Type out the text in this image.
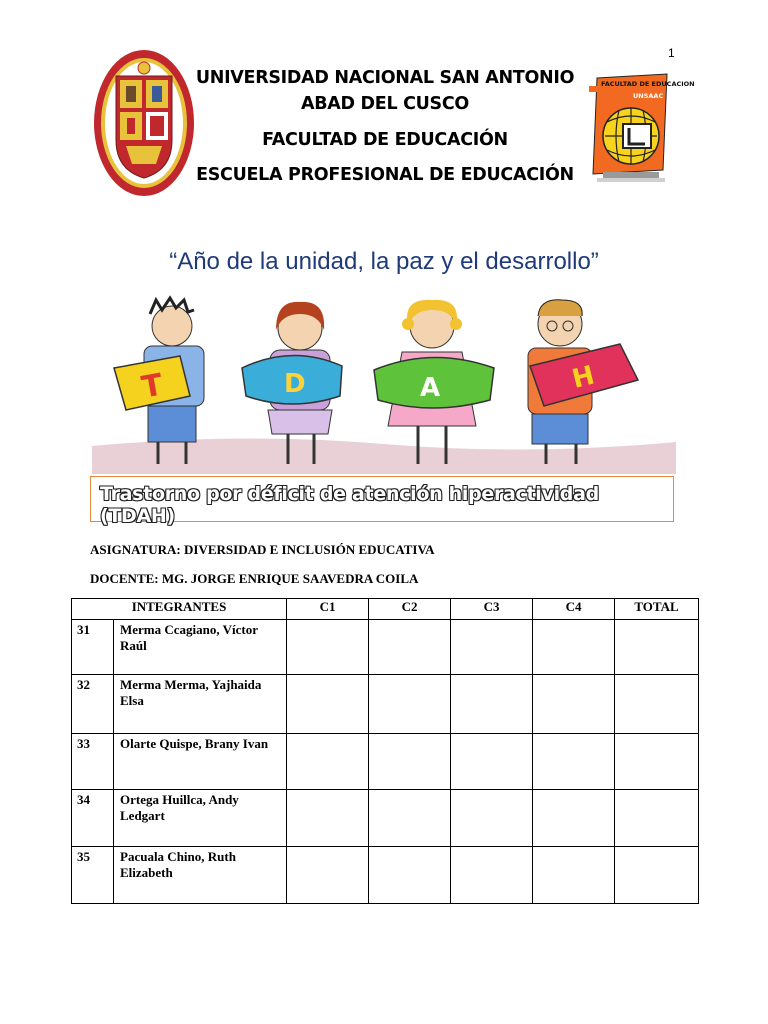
1
FACULTAD DE EDUCACION
UNSAAC
UNIVERSIDAD NACIONAL SAN ANTONIO
ABAD DEL CUSCO
FACULTAD DE EDUCACIÓN
ESCUELA PROFESIONAL DE EDUCACIÓN
“Año de la unidad, la paz y el desarrollo”
T	D	A	H
Trastorno por déficit de atención hiperactividad (TDAH)
ASIGNATURA: DIVERSIDAD E INCLUSIÓN EDUCATIVA
DOCENTE: MG. JORGE ENRIQUE SAAVEDRA COILA
INTEGRANTES		C1	C2	C3	C4	TOTAL
31	Merma Ccagiano, Víctor Raúl					
32	Merma Merma, Yajhaida Elsa					
33	Olarte Quispe, Brany Ivan					
34	Ortega Huillca, Andy Ledgart					
35	Pacuala Chino, Ruth Elizabeth					
